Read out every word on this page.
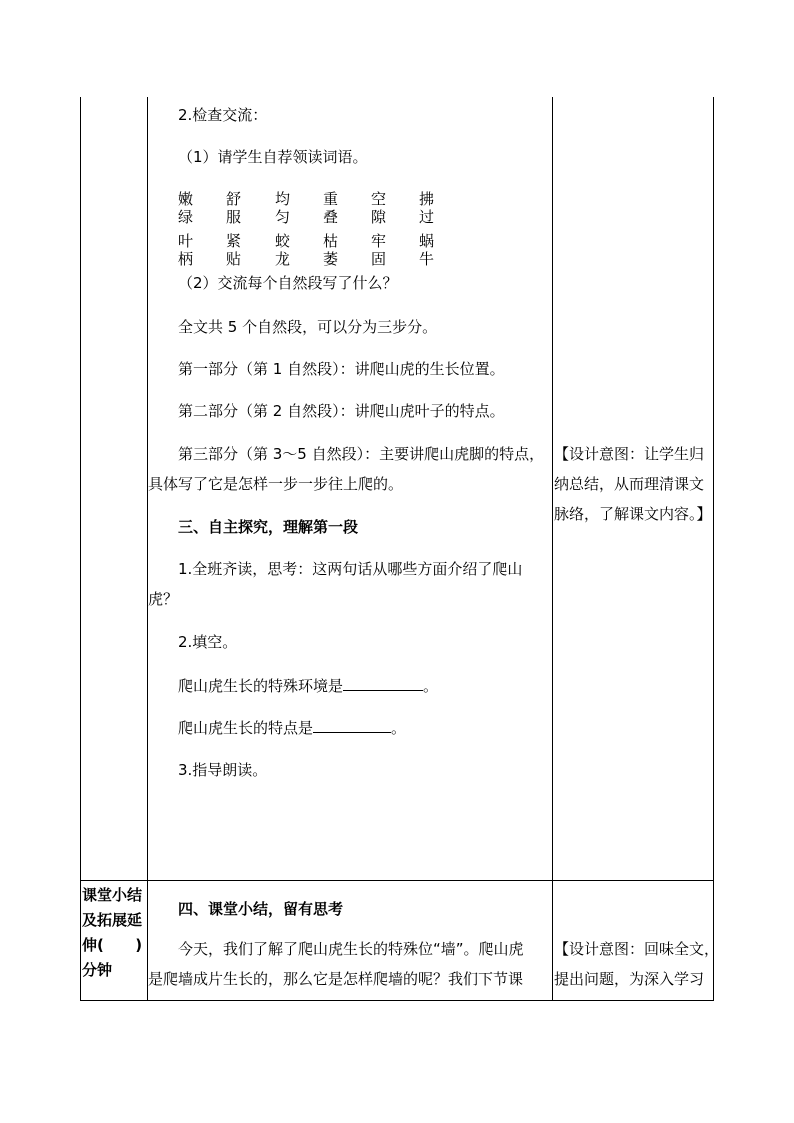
2.检查交流：
（1）请学生自荐领读词语。
嫩绿
舒服
均匀
重叠
空隙
拂过
叶柄
紧贴
蛟龙
枯萎
牢固
蜗牛
（2）交流每个自然段写了什么？
全文共 5 个自然段，可以分为三步分。
第一部分（第 1 自然段）：讲爬山虎的生长位置。
第二部分（第 2 自然段）：讲爬山虎叶子的特点。
第三部分（第 3～5 自然段）：主要讲爬山虎脚的特点，
具体写了它是怎样一步一步往上爬的。
三、自主探究，理解第一段
1.全班齐读，思考：这两句话从哪些方面介绍了爬山
虎？
2.填空。
爬山虎生长的特殊环境是	。
爬山虎生长的特点是	。
3.指导朗读。
四、课堂小结，留有思考
今天，我们了解了爬山虎生长的特殊位“墙”。爬山虎
是爬墙成片生长的，那么它是怎样爬墙的呢？我们下节课
【设计意图：让学生归
纳总结，从而理清课文
脉络，了解课文内容。】
【设计意图：回味全文，
提出问题，为深入学习
课堂小结
及拓展延
伸(      )
分钟
